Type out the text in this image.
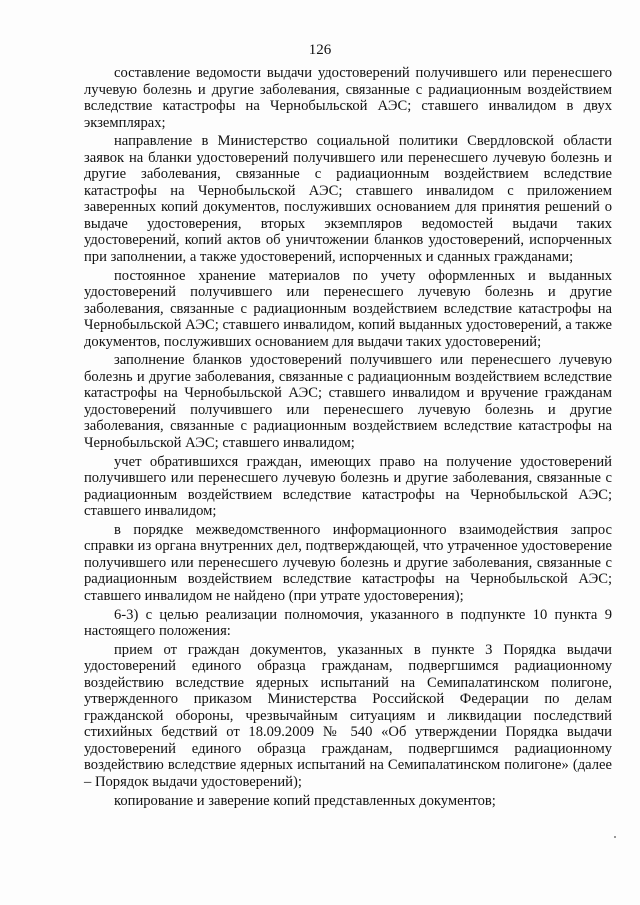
126

составление ведомости выдачи удостоверений получившего или перенесшего лучевую болезнь и другие заболевания, связанные с радиационным воздействием вследствие катастрофы на Чернобыльской АЭС; ставшего инвалидом в двух экземплярах;

направление в Министерство социальной политики Свердловской области заявок на бланки удостоверений получившего или перенесшего лучевую болезнь и другие заболевания, связанные с радиационным воздействием вследствие катастрофы на Чернобыльской АЭС; ставшего инвалидом с приложением заверенных копий документов, послуживших основанием для принятия решений о выдаче удостоверения, вторых экземпляров ведомостей выдачи таких удостоверений, копий актов об уничтожении бланков удостоверений, испорченных при заполнении, а также удостоверений, испорченных и сданных гражданами;

постоянное хранение материалов по учету оформленных и выданных удостоверений получившего или перенесшего лучевую болезнь и другие заболевания, связанные с радиационным воздействием вследствие катастрофы на Чернобыльской АЭС; ставшего инвалидом, копий выданных удостоверений, а также документов, послуживших основанием для выдачи таких удостоверений;

заполнение бланков удостоверений получившего или перенесшего лучевую болезнь и другие заболевания, связанные с радиационным воздействием вследствие катастрофы на Чернобыльской АЭС; ставшего инвалидом и вручение гражданам удостоверений получившего или перенесшего лучевую болезнь и другие заболевания, связанные с радиационным воздействием вследствие катастрофы на Чернобыльской АЭС; ставшего инвалидом;

учет обратившихся граждан, имеющих право на получение удостоверений получившего или перенесшего лучевую болезнь и другие заболевания, связанные с радиационным воздействием вследствие катастрофы на Чернобыльской АЭС; ставшего инвалидом;

в порядке межведомственного информационного взаимодействия запрос справки из органа внутренних дел, подтверждающей, что утраченное удостоверение получившего или перенесшего лучевую болезнь и другие заболевания, связанные с радиационным воздействием вследствие катастрофы на Чернобыльской АЭС; ставшего инвалидом не найдено (при утрате удостоверения);

6-3) с целью реализации полномочия, указанного в подпункте 10 пункта 9 настоящего положения:

прием от граждан документов, указанных в пункте 3 Порядка выдачи удостоверений единого образца гражданам, подвергшимся радиационному воздействию вследствие ядерных испытаний на Семипалатинском полигоне, утвержденного приказом Министерства Российской Федерации по делам гражданской обороны, чрезвычайным ситуациям и ликвидации последствий стихийных бедствий от 18.09.2009 № 540 «Об утверждении Порядка выдачи удостоверений единого образца гражданам, подвергшимся радиационному воздействию вследствие ядерных испытаний на Семипалатинском полигоне» (далее – Порядок выдачи удостоверений);

копирование и заверение копий представленных документов;
